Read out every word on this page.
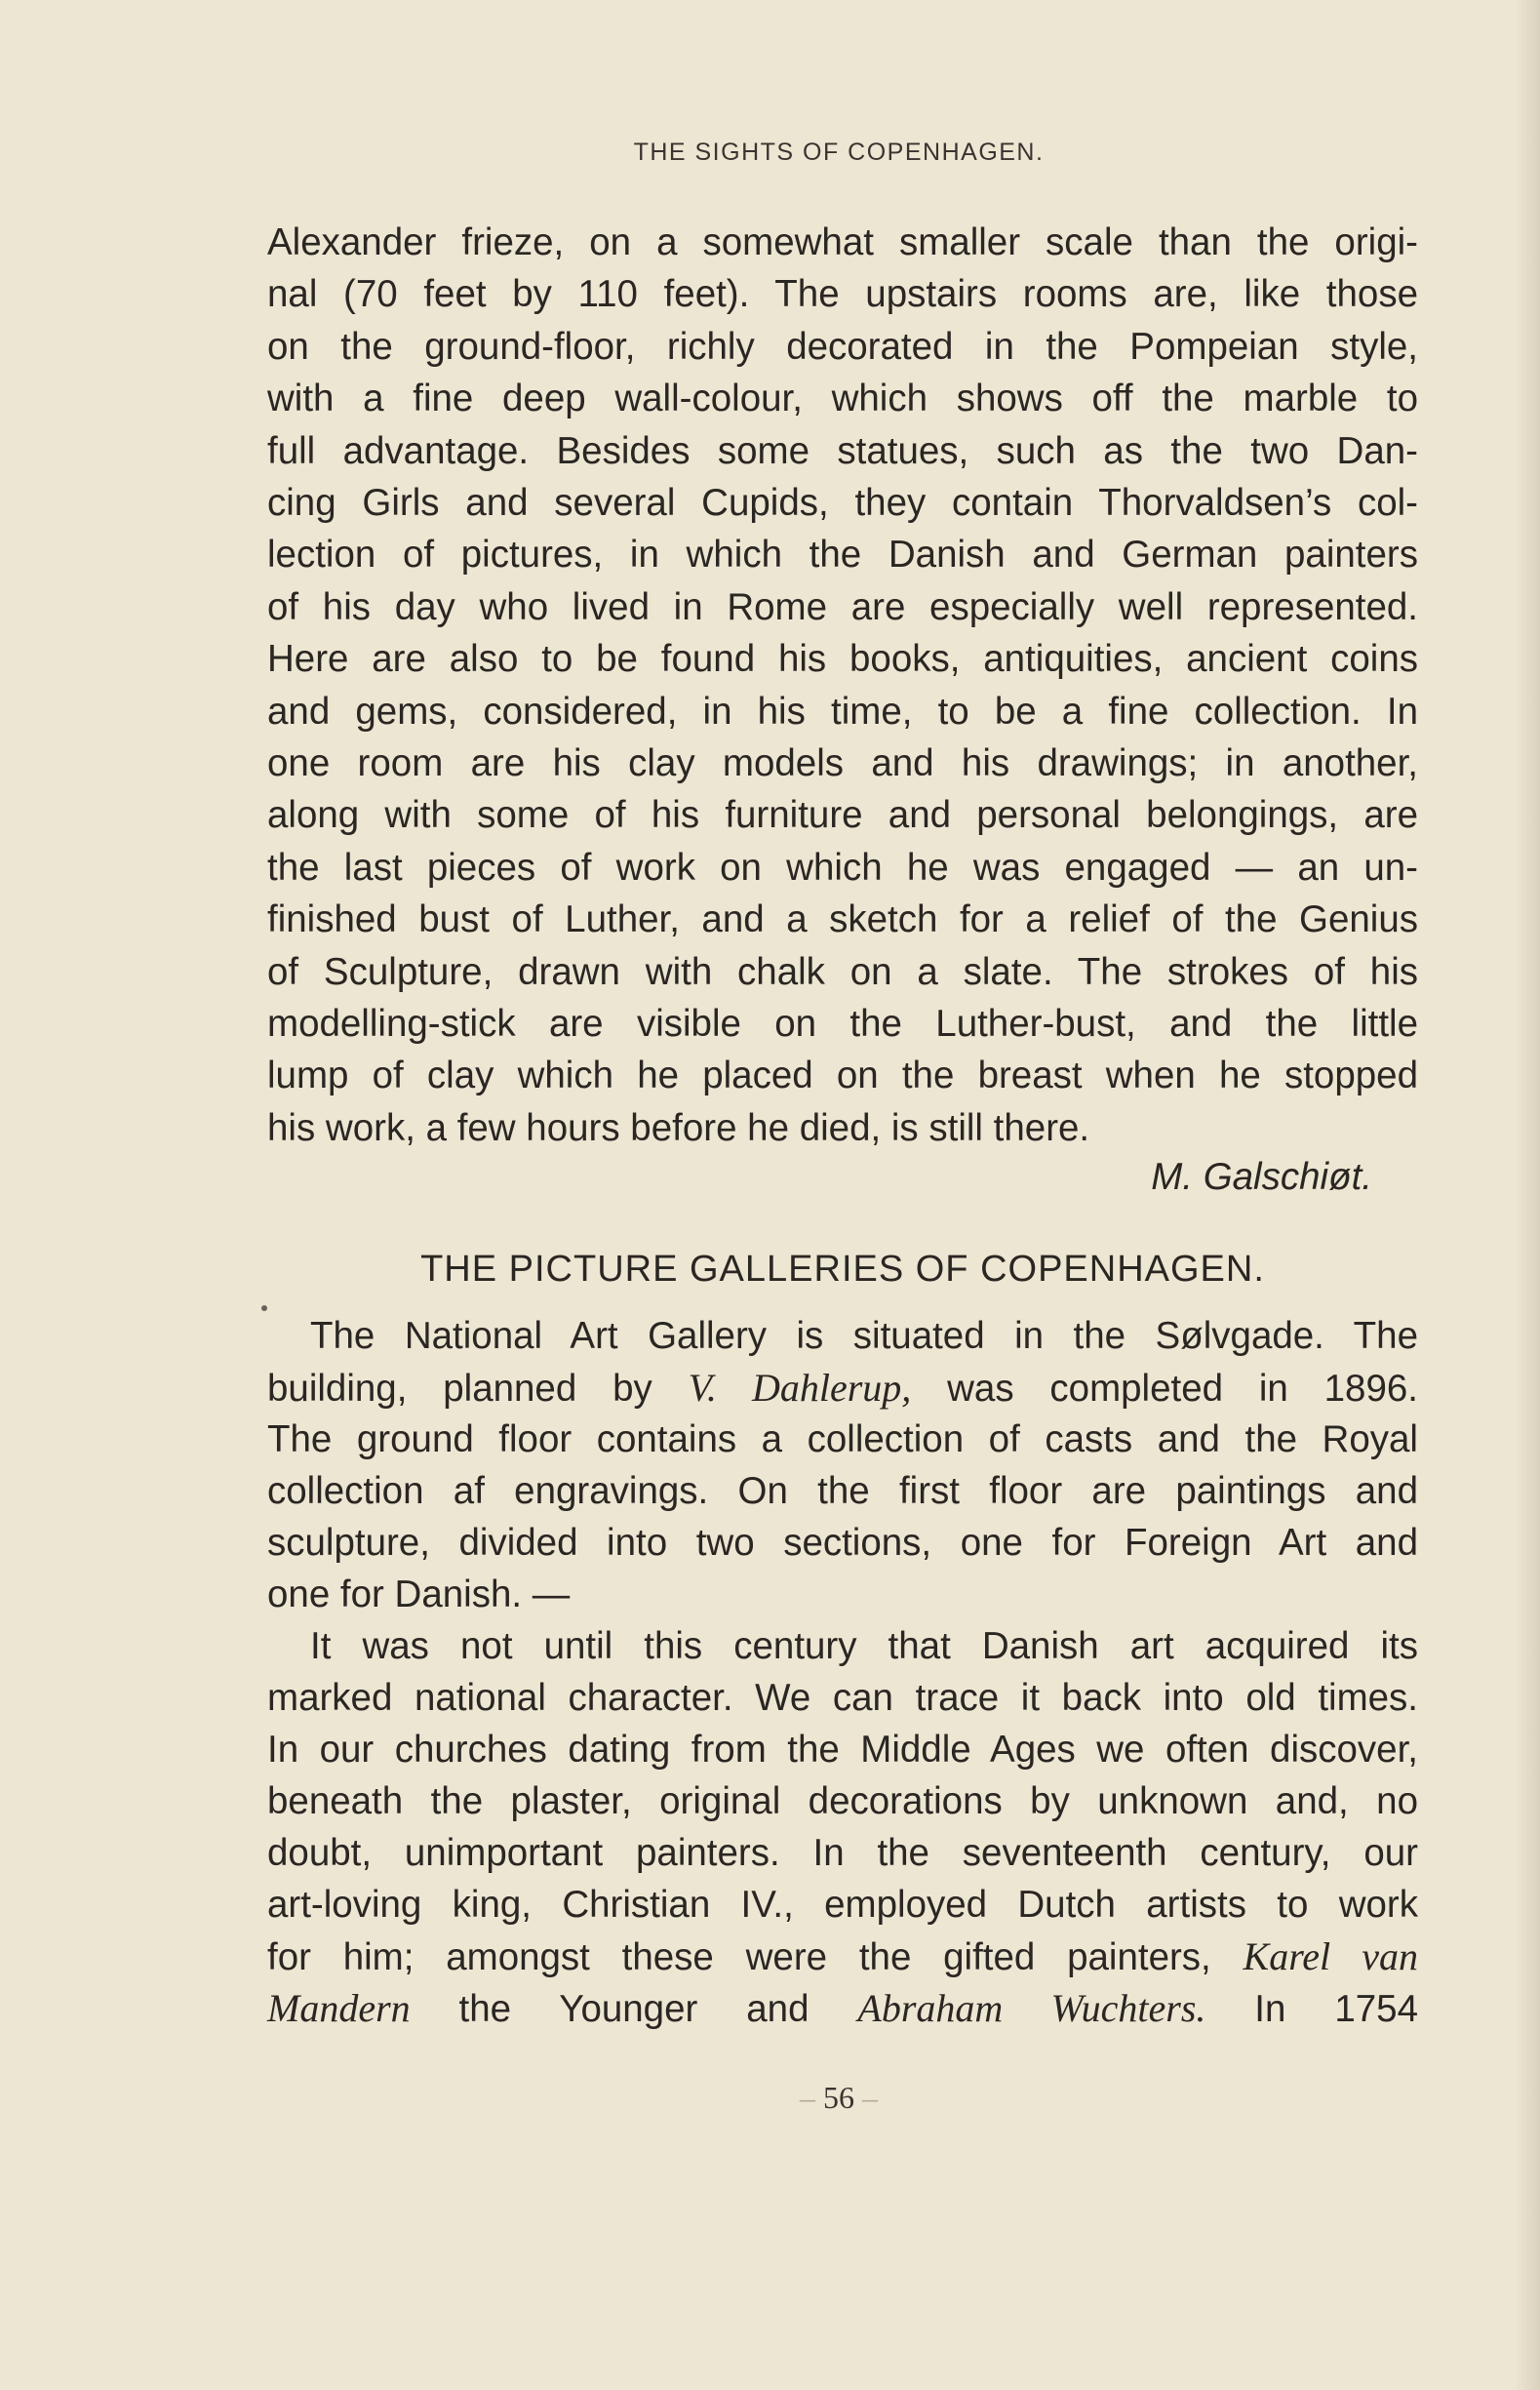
THE SIGHTS OF COPENHAGEN.
Alexander frieze, on a somewhat smaller scale than the origi-
nal (70 feet by 110 feet). The upstairs rooms are, like those
on the ground-floor, richly decorated in the Pompeian style,
with a fine deep wall-colour, which shows off the marble to
full advantage. Besides some statues, such as the two Dan-
cing Girls and several Cupids, they contain Thorvaldsen’s col-
lection of pictures, in which the Danish and German painters
of his day who lived in Rome are especially well represented.
Here are also to be found his books, antiquities, ancient coins
and gems, considered, in his time, to be a fine collection. In
one room are his clay models and his drawings; in another,
along with some of his furniture and personal belongings, are
the last pieces of work on which he was engaged — an un-
finished bust of Luther, and a sketch for a relief of the Genius
of Sculpture, drawn with chalk on a slate. The strokes of his
modelling-stick are visible on the Luther-bust, and the little
lump of clay which he placed on the breast when he stopped
his work, a few hours before he died, is still there.
M. Galschiøt.
THE PICTURE GALLERIES OF COPENHAGEN.
The National Art Gallery is situated in the Sølvgade. The
building, planned by V. Dahlerup, was completed in 1896.
The ground floor contains a collection of casts and the Royal
collection af engravings. On the first floor are paintings and
sculpture, divided into two sections, one for Foreign Art and
one for Danish. —
It was not until this century that Danish art acquired its
marked national character. We can trace it back into old times.
In our churches dating from the Middle Ages we often discover,
beneath the plaster, original decorations by unknown and, no
doubt, unimportant painters. In the seventeenth century, our
art-loving king, Christian IV., employed Dutch artists to work
for him; amongst these were the gifted painters, Karel van
Mandern the Younger and Abraham Wuchters. In 1754
– 56 –
